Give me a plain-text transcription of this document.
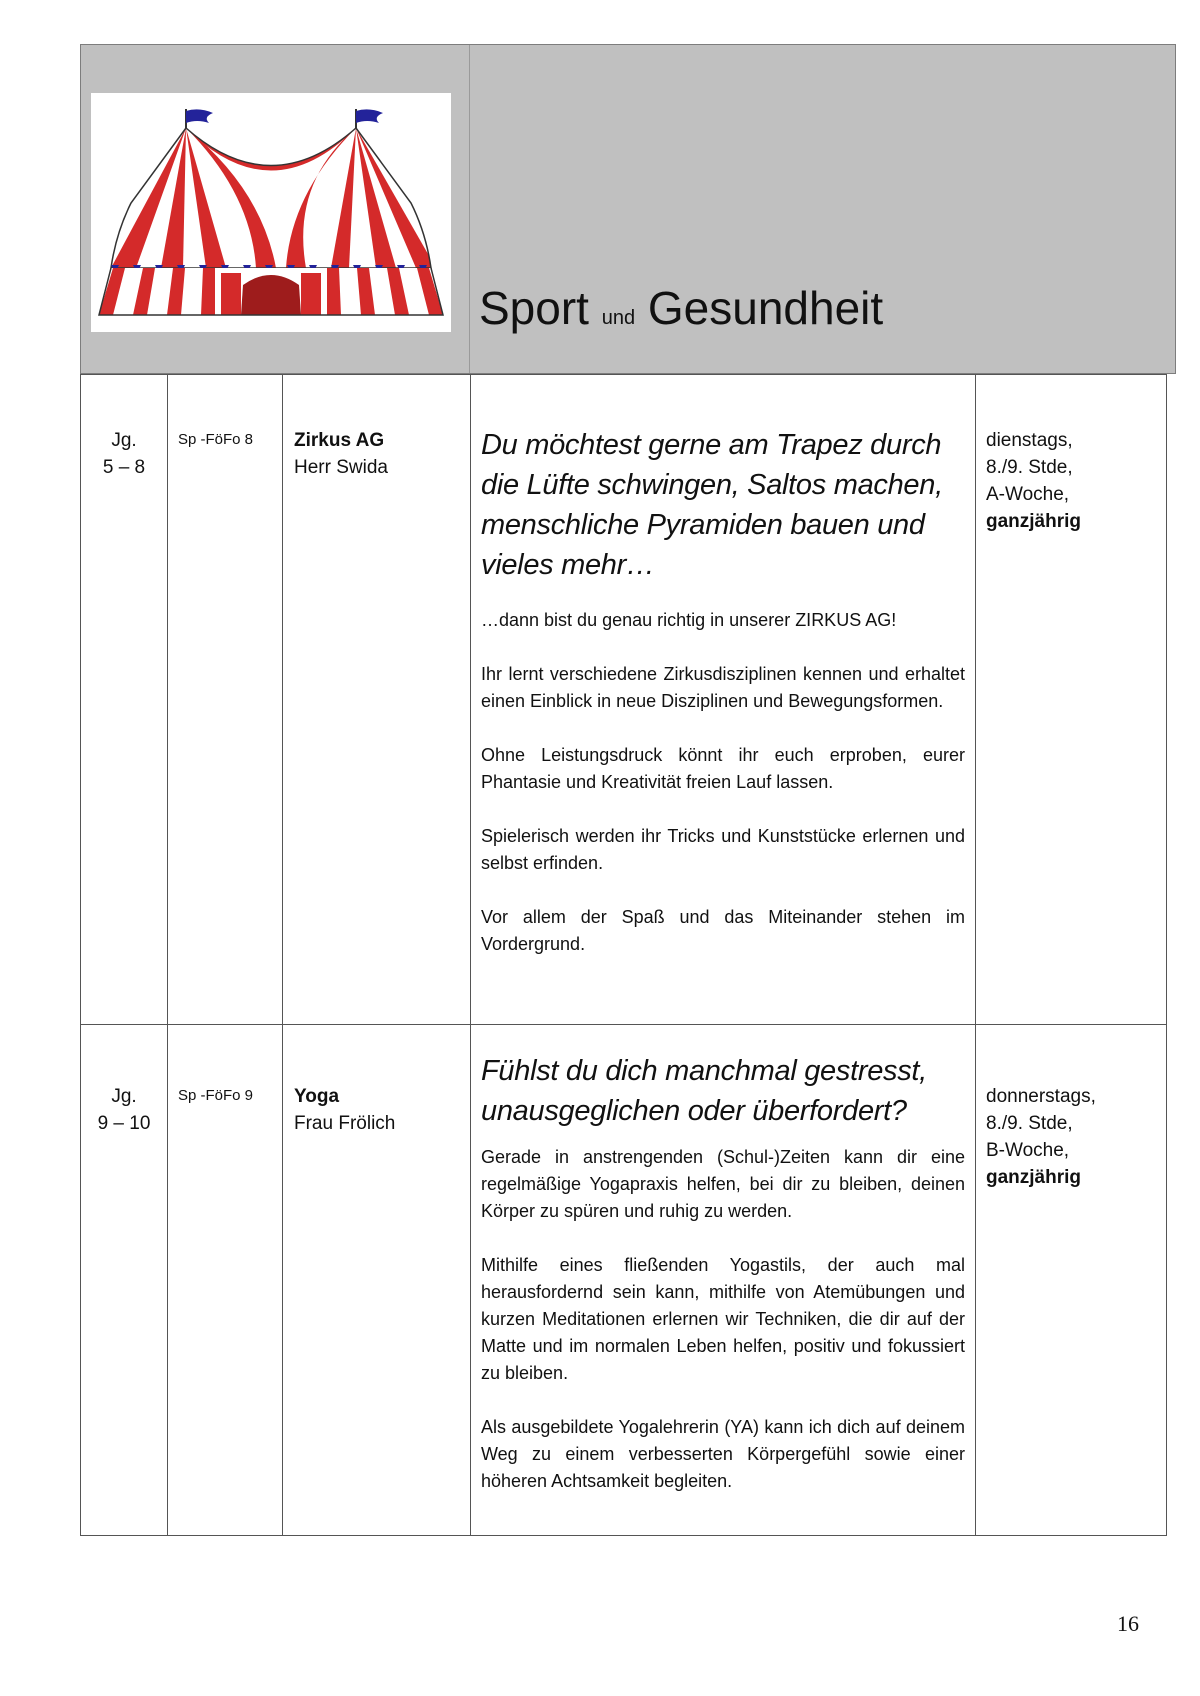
Sport und Gesundheit
Jg.
5 – 8
Sp -FöFo 8	Zirkus AG
Herr Swida

Du möchtest gerne am Trapez durch die Lüfte schwingen, Saltos machen, menschliche Pyramiden bauen und vieles mehr…

…dann bist du genau richtig in unserer ZIRKUS AG!

Ihr lernt verschiedene Zirkusdisziplinen kennen und erhaltet einen Einblick in neue Disziplinen und Bewegungsformen.

Ohne Leistungsdruck könnt ihr euch erproben, eurer Phantasie und Kreativität freien Lauf lassen.

Spielerisch werden ihr Tricks und Kunststücke erlernen und selbst erfinden.

Vor allem der Spaß und das Miteinander stehen im Vordergrund.

dienstags,
8./9. Stde,
A-Woche,
ganzjährig
Jg.
9 – 10
Sp -FöFo 9	Yoga
Frau Frölich

Fühlst du dich manchmal gestresst, unausgeglichen oder überfordert?

Gerade in anstrengenden (Schul-)Zeiten kann dir eine regelmäßige Yogapraxis helfen, bei dir zu bleiben, deinen Körper zu spüren und ruhig zu werden.

Mithilfe eines fließenden Yogastils, der auch mal herausfordernd sein kann, mithilfe von Atemübungen und kurzen Meditationen erlernen wir Techniken, die dir auf der Matte und im normalen Leben helfen, positiv und fokussiert zu bleiben.

Als ausgebildete Yogalehrerin (YA) kann ich dich auf deinem Weg zu einem verbesserten Körpergefühl sowie einer höheren Achtsamkeit begleiten.

donnerstags,
8./9. Stde,
B-Woche,
ganzjährig
16
